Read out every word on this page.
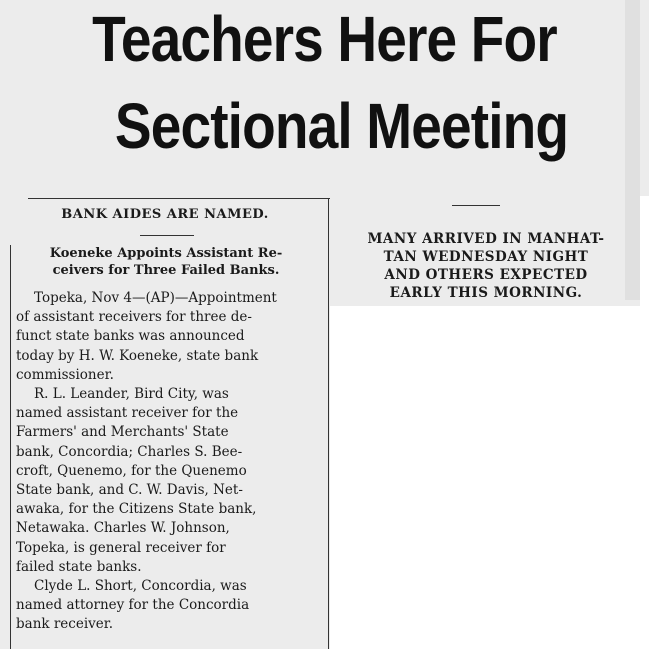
Teachers Here For
Sectional Meeting
MANY ARRIVED IN MANHAT-
TAN WEDNESDAY NIGHT
AND OTHERS EXPECTED
EARLY THIS MORNING.
BANK AIDES ARE NAMED.
Koeneke Appoints Assistant Re-
ceivers for Three Failed Banks.
Topeka, Nov 4—(AP)—Appointment
of assistant receivers for three de-
funct state banks was announced
today by H. W. Koeneke, state bank
commissioner.
R. L. Leander, Bird City, was
named assistant receiver for the
Farmers' and Merchants' State
bank, Concordia; Charles S. Bee-
croft, Quenemo, for the Quenemo
State bank, and C. W. Davis, Net-
awaka, for the Citizens State bank,
Netawaka. Charles W. Johnson,
Topeka, is general receiver for
failed state banks.
Clyde L. Short, Concordia, was
named attorney for the Concordia
bank receiver.
